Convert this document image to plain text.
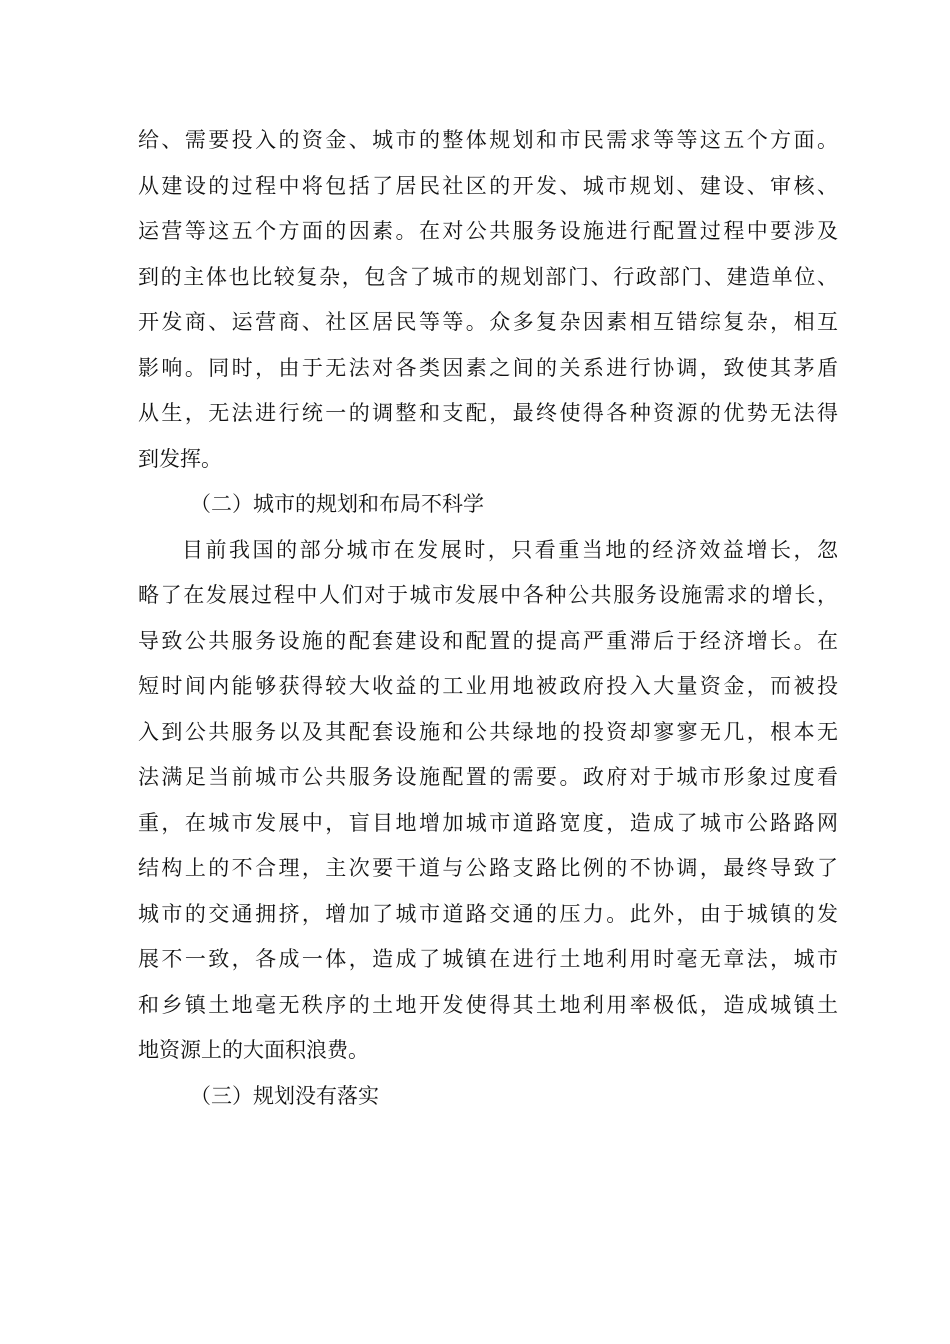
给、需要投入的资金、城市的整体规划和市民需求等等这五个方面。
从建设的过程中将包括了居民社区的开发、城市规划、建设、审核、
运营等这五个方面的因素。在对公共服务设施进行配置过程中要涉及
到的主体也比较复杂，包含了城市的规划部门、行政部门、建造单位、
开发商、运营商、社区居民等等。众多复杂因素相互错综复杂，相互
影响。同时，由于无法对各类因素之间的关系进行协调，致使其茅盾
从生，无法进行统一的调整和支配，最终使得各种资源的优势无法得
到发挥。
（二）城市的规划和布局不科学
目前我国的部分城市在发展时，只看重当地的经济效益增长，忽
略了在发展过程中人们对于城市发展中各种公共服务设施需求的增长，
导致公共服务设施的配套建设和配置的提高严重滞后于经济增长。在
短时间内能够获得较大收益的工业用地被政府投入大量资金，而被投
入到公共服务以及其配套设施和公共绿地的投资却寥寥无几，根本无
法满足当前城市公共服务设施配置的需要。政府对于城市形象过度看
重，在城市发展中，盲目地增加城市道路宽度，造成了城市公路路网
结构上的不合理，主次要干道与公路支路比例的不协调，最终导致了
城市的交通拥挤，增加了城市道路交通的压力。此外，由于城镇的发
展不一致，各成一体，造成了城镇在进行土地利用时毫无章法，城市
和乡镇土地毫无秩序的土地开发使得其土地利用率极低，造成城镇土
地资源上的大面积浪费。
（三）规划没有落实
